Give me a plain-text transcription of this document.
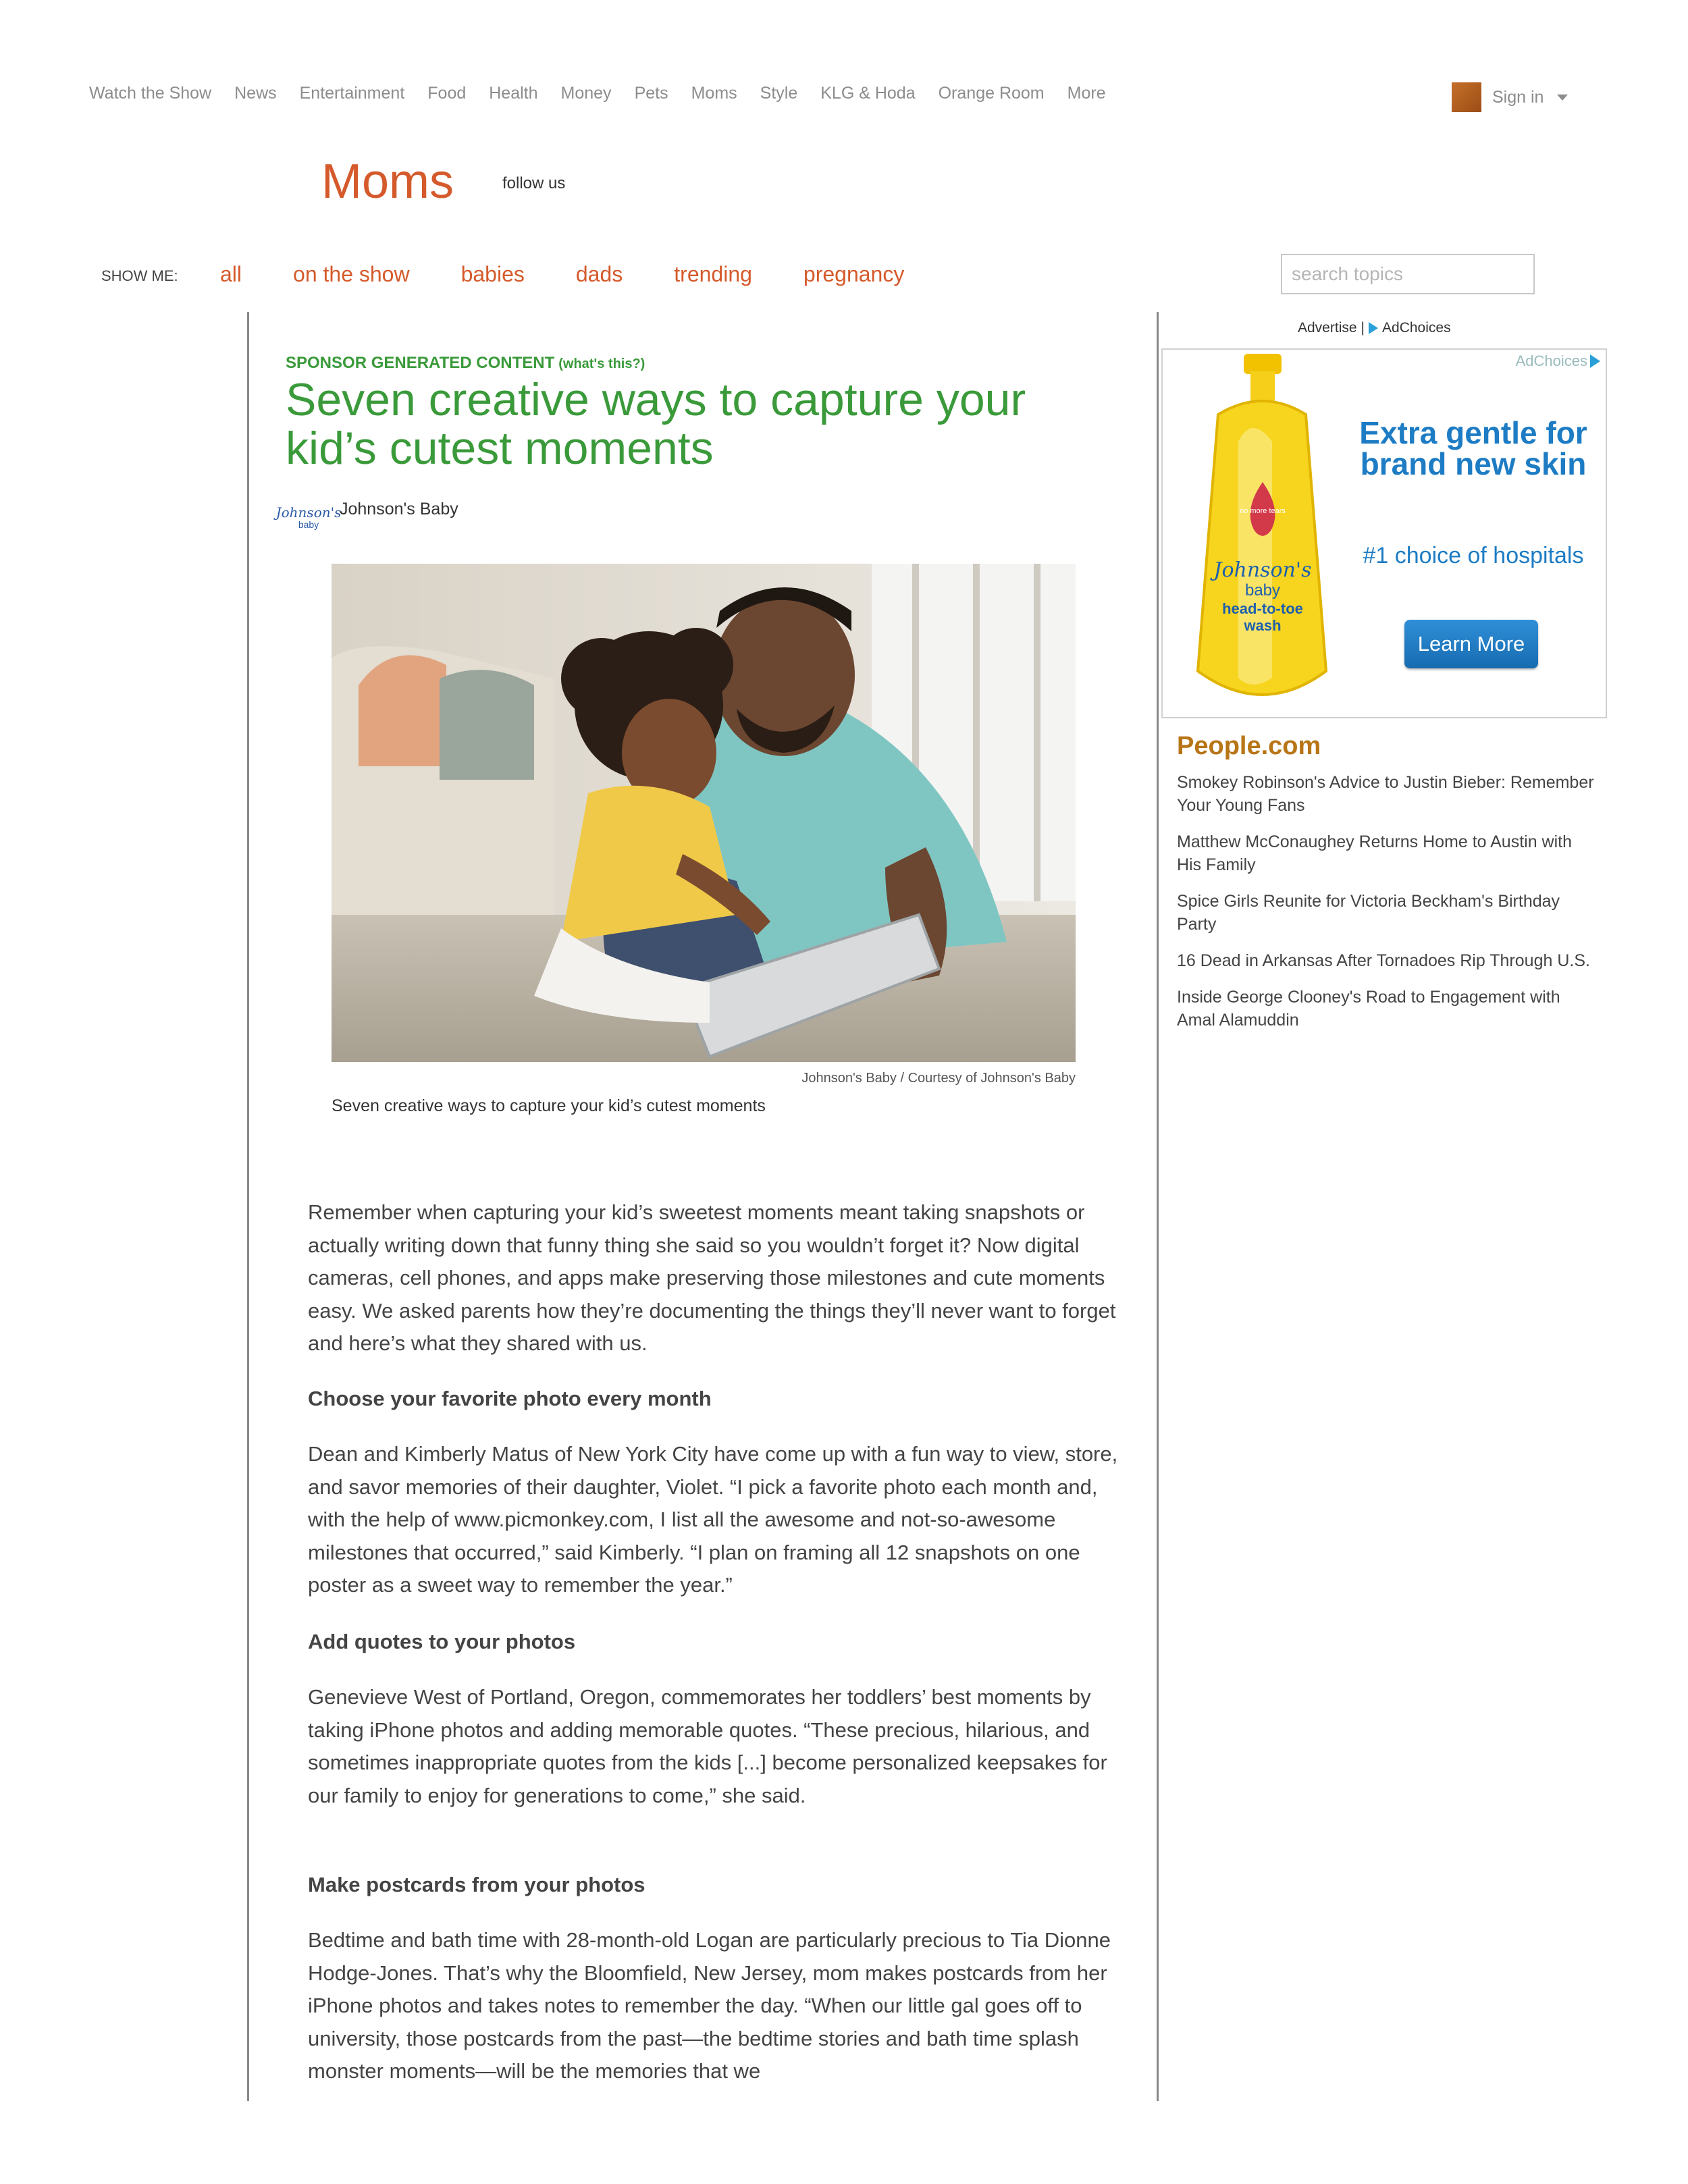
Watch the Show News Entertainment Food Health Money Pets Moms Style KLG & Hoda Orange Room More	Sign in
Moms	follow us
SHOW ME: all on the show babies dads trending pregnancy
search topics
SPONSOR GENERATED CONTENT (what's this?)
Seven creative ways to capture your kid’s cutest moments
Johnson's
baby
Johnson's Baby
Johnson's Baby / Courtesy of Johnson's Baby
Seven creative ways to capture your kid’s cutest moments

Remember when capturing your kid’s sweetest moments meant taking snapshots or actually writing down that funny thing she said so you wouldn’t forget it? Now digital cameras, cell phones, and apps make preserving those milestones and cute moments easy. We asked parents how they’re documenting the things they’ll never want to forget and here’s what they shared with us.

Choose your favorite photo every month

Dean and Kimberly Matus of New York City have come up with a fun way to view, store, and savor memories of their daughter, Violet. “I pick a favorite photo each month and, with the help of www.picmonkey.com, I list all the awesome and not-so-awesome milestones that occurred,” said Kimberly. “I plan on framing all 12 snapshots on one poster as a sweet way to remember the year.”

Add quotes to your photos

Genevieve West of Portland, Oregon, commemorates her toddlers’ best moments by taking iPhone photos and adding memorable quotes. “These precious, hilarious, and sometimes inappropriate quotes from the kids [...] become personalized keepsakes for our family to enjoy for generations to come,” she said.

Make postcards from your photos

Bedtime and bath time with 28-month-old Logan are particularly precious to Tia Dionne Hodge-Jones. That’s why the Bloomfield, New Jersey, mom makes postcards from her iPhone photos and takes notes to remember the day. “When our little gal goes off to university, those postcards from the past—the bedtime stories and bath time splash monster moments—will be the memories that we

Advertise | AdChoices
AdChoices
no more tears
Johnson's
baby
head-to-toe
wash
Extra gentle for brand new skin
#1 choice of hospitals
Learn More
People.com
Smokey Robinson's Advice to Justin Bieber: Remember Your Young Fans
Matthew McConaughey Returns Home to Austin with His Family
Spice Girls Reunite for Victoria Beckham's Birthday Party
16 Dead in Arkansas After Tornadoes Rip Through U.S.
Inside George Clooney's Road to Engagement with Amal Alamuddin
